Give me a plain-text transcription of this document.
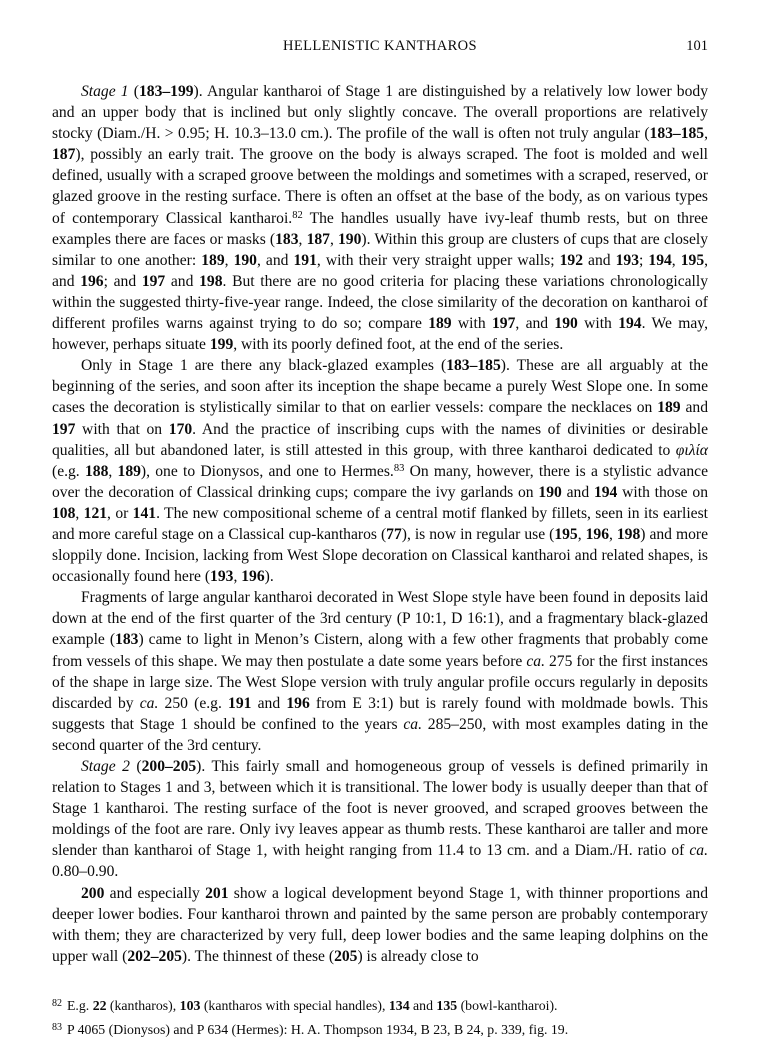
HELLENISTIC KANTHAROS	101

Stage 1 (183–199). Angular kantharoi of Stage 1 are distinguished by a relatively low lower body and an upper body that is inclined but only slightly concave. The overall proportions are relatively stocky (Diam./H. > 0.95; H. 10.3–13.0 cm.). The profile of the wall is often not truly angular (183–185, 187), possibly an early trait. The groove on the body is always scraped. The foot is molded and well defined, usually with a scraped groove between the moldings and sometimes with a scraped, reserved, or glazed groove in the resting surface. There is often an offset at the base of the body, as on various types of contemporary Classical kantharoi.$^{82}$ The handles usually have ivy-leaf thumb rests, but on three examples there are faces or masks (183, 187, 190). Within this group are clusters of cups that are closely similar to one another: 189, 190, and 191, with their very straight upper walls; 192 and 193; 194, 195, and 196; and 197 and 198. But there are no good criteria for placing these variations chronologically within the suggested thirty-five-year range. Indeed, the close similarity of the decoration on kantharoi of different profiles warns against trying to do so; compare 189 with 197, and 190 with 194. We may, however, perhaps situate 199, with its poorly defined foot, at the end of the series.

Only in Stage 1 are there any black-glazed examples (183–185). These are all arguably at the beginning of the series, and soon after its inception the shape became a purely West Slope one. In some cases the decoration is stylistically similar to that on earlier vessels: compare the necklaces on 189 and 197 with that on 170. And the practice of inscribing cups with the names of divinities or desirable qualities, all but abandoned later, is still attested in this group, with three kantharoi dedicated to φιλία (e.g. 188, 189), one to Dionysos, and one to Hermes.$^{83}$ On many, however, there is a stylistic advance over the decoration of Classical drinking cups; compare the ivy garlands on 190 and 194 with those on 108, 121, or 141. The new compositional scheme of a central motif flanked by fillets, seen in its earliest and more careful stage on a Classical cup-kantharos (77), is now in regular use (195, 196, 198) and more sloppily done. Incision, lacking from West Slope decoration on Classical kantharoi and related shapes, is occasionally found here (193, 196).

Fragments of large angular kantharoi decorated in West Slope style have been found in deposits laid down at the end of the first quarter of the 3rd century (P 10:1, D 16:1), and a fragmentary black-glazed example (183) came to light in Menon’s Cistern, along with a few other fragments that probably come from vessels of this shape. We may then postulate a date some years before ca. 275 for the first instances of the shape in large size. The West Slope version with truly angular profile occurs regularly in deposits discarded by ca. 250 (e.g. 191 and 196 from E 3:1) but is rarely found with moldmade bowls. This suggests that Stage 1 should be confined to the years ca. 285–250, with most examples dating in the second quarter of the 3rd century.

Stage 2 (200–205). This fairly small and homogeneous group of vessels is defined primarily in relation to Stages 1 and 3, between which it is transitional. The lower body is usually deeper than that of Stage 1 kantharoi. The resting surface of the foot is never grooved, and scraped grooves between the moldings of the foot are rare. Only ivy leaves appear as thumb rests. These kantharoi are taller and more slender than kantharoi of Stage 1, with height ranging from 11.4 to 13 cm. and a Diam./H. ratio of ca. 0.80–0.90.

200 and especially 201 show a logical development beyond Stage 1, with thinner proportions and deeper lower bodies. Four kantharoi thrown and painted by the same person are probably contemporary with them; they are characterized by very full, deep lower bodies and the same leaping dolphins on the upper wall (202–205). The thinnest of these (205) is already close to

$^{82}$ E.g. 22 (kantharos), 103 (kantharos with special handles), 134 and 135 (bowl-kantharoi).
$^{83}$ P 4065 (Dionysos) and P 634 (Hermes): H. A. Thompson 1934, B 23, B 24, p. 339, fig. 19.
